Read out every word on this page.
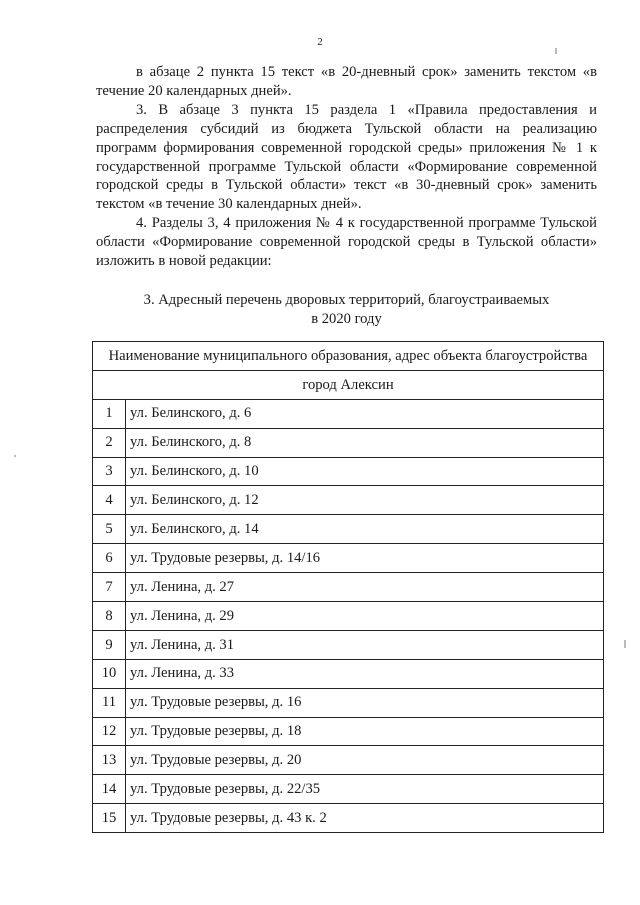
2

в абзаце 2 пункта 15 текст «в 20-дневный срок» заменить текстом «в течение 20 календарных дней».

3. В абзаце 3 пункта 15 раздела 1 «Правила предоставления и распределения субсидий из бюджета Тульской области на реализацию программ формирования современной городской среды» приложения № 1 к государственной программе Тульской области «Формирование современной городской среды в Тульской области» текст «в 30-дневный срок» заменить текстом «в течение 30 календарных дней».

4. Разделы 3, 4 приложения № 4 к государственной программе Тульской области «Формирование современной городской среды в Тульской области» изложить в новой редакции:

3. Адресный перечень дворовых территорий, благоустраиваемых
в 2020 году
Наименование муниципального образования, адрес объекта благоустройства	
город Алексин	
1	ул. Белинского, д. 6
2	ул. Белинского, д. 8
3	ул. Белинского, д. 10
4	ул. Белинского, д. 12
5	ул. Белинского, д. 14
6	ул. Трудовые резервы, д. 14/16
7	ул. Ленина, д. 27
8	ул. Ленина, д. 29
9	ул. Ленина, д. 31
10	ул. Ленина, д. 33
11	ул. Трудовые резервы, д. 16
12	ул. Трудовые резервы, д. 18
13	ул. Трудовые резервы, д. 20
14	ул. Трудовые резервы, д. 22/35
15	ул. Трудовые резервы, д. 43 к. 2
